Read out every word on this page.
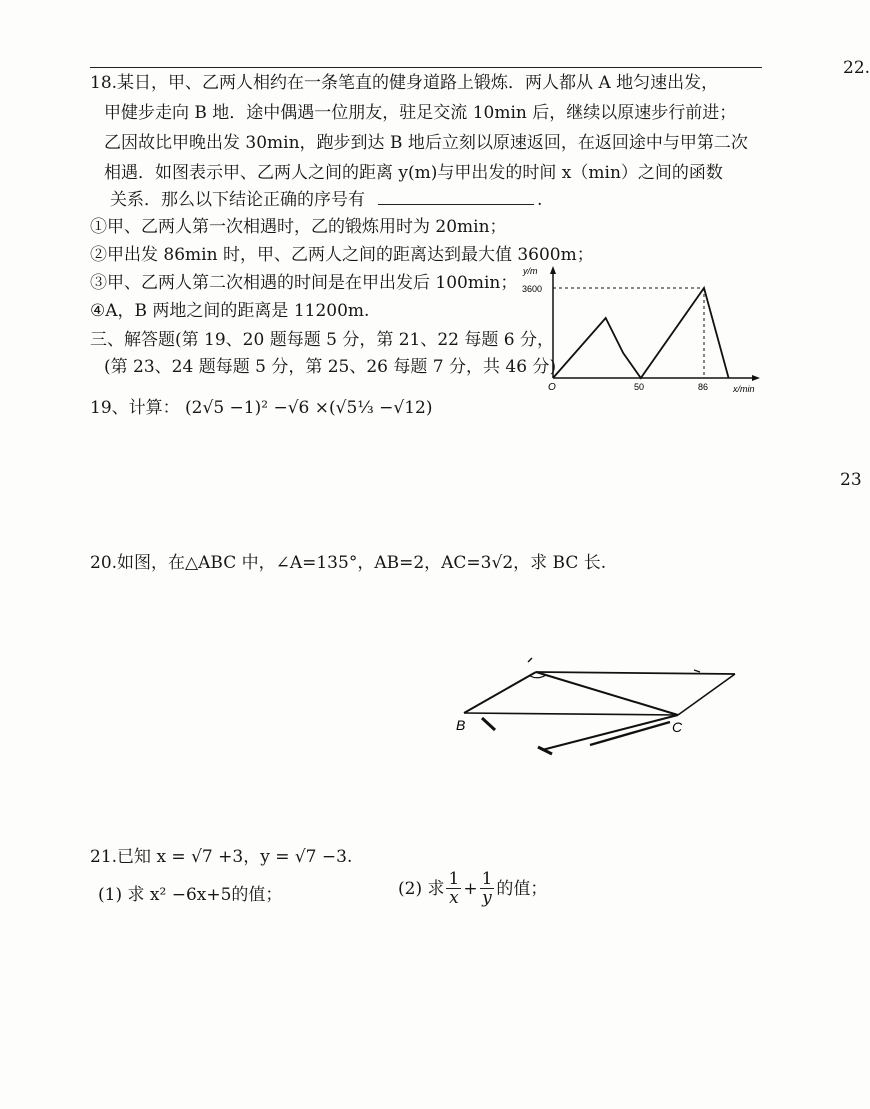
22.
23
18.某日，甲、乙两人相约在一条笔直的健身道路上锻炼．两人都从 A 地匀速出发，
甲健步走向 B 地．途中偶遇一位朋友，驻足交流 10min 后，继续以原速步行前进；
乙因故比甲晚出发 30min，跑步到达 B 地后立刻以原速返回，在返回途中与甲第二次
相遇．如图表示甲、乙两人之间的距离 y(m)与甲出发的时间 x（min）之间的函数
关系．那么以下结论正确的序号有	.
①甲、乙两人第一次相遇时，乙的锻炼用时为 20min；
②甲出发 86min 时，甲、乙两人之间的距离达到最大值 3600m；
③甲、乙两人第二次相遇的时间是在甲出发后 100min；
④A，B 两地之间的距离是 11200m.
三、解答题(第 19、20 题每题 5 分，第 21、22 每题 6 分，
(第 23、24 题每题 5 分，第 25、26 每题 7 分，共 46 分)
y/m
3600
O	50	86	x/min
19、计算： (2√5 −1)² −√6 ×(√5⅓ −√12)
20.如图，在△ABC 中，∠A=135°，AB=2，AC=3√2，求 BC 长.
B	C
21.已知 x = √7 +3，y = √7 −3.
(1) 求 x² −6x+5的值；	(2) 求 $\frac{1}{x} + \frac{1}{y}$ 的值；
